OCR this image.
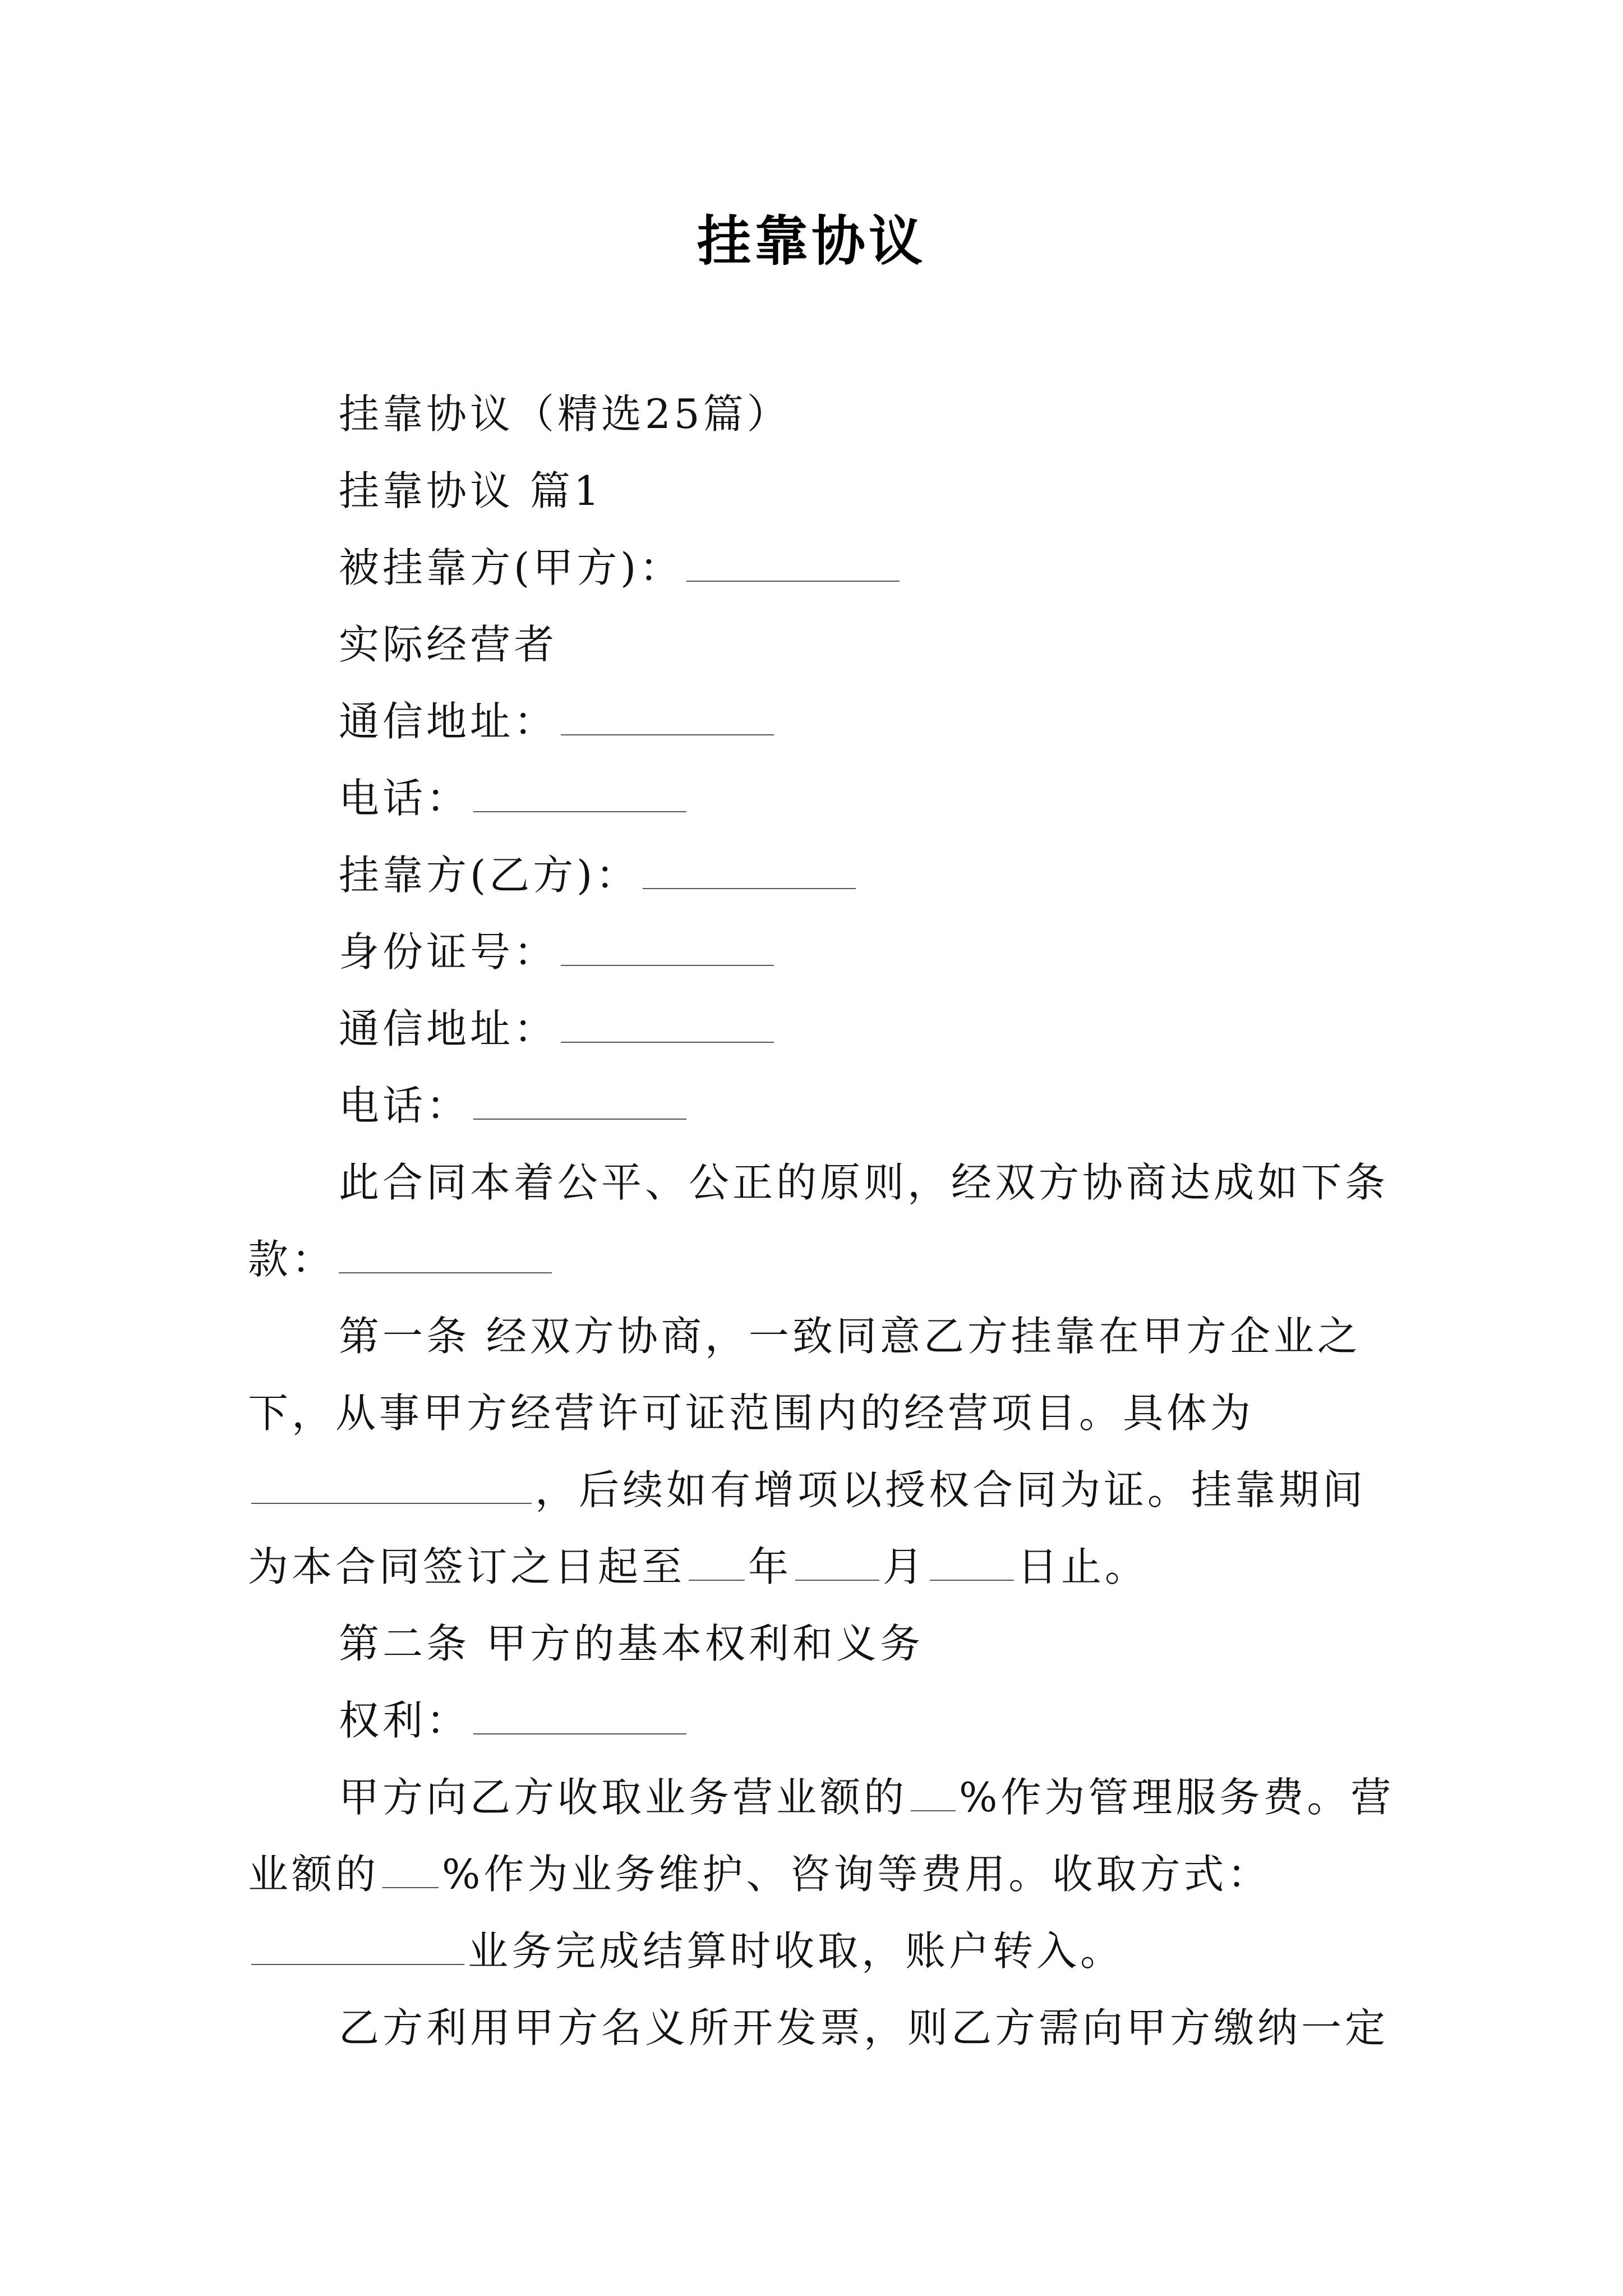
挂靠协议
挂靠协议（精选25篇）
挂靠协议 篇1
被挂靠方(甲方)：
实际经营者
通信地址：
电话：
挂靠方(乙方)：
身份证号：
通信地址：
电话：
此合同本着公平、公正的原则，经双方协商达成如下条
款：
第一条 经双方协商，一致同意乙方挂靠在甲方企业之
下，从事甲方经营许可证范围内的经营项目。具体为
，后续如有增项以授权合同为证。挂靠期间
为本合同签订之日起至 年 月 日止。
第二条 甲方的基本权利和义务
权利：
甲方向乙方收取业务营业额的 %作为管理服务费。营
业额的 %作为业务维护、咨询等费用。收取方式：
业务完成结算时收取，账户转入。
乙方利用甲方名义所开发票，则乙方需向甲方缴纳一定
